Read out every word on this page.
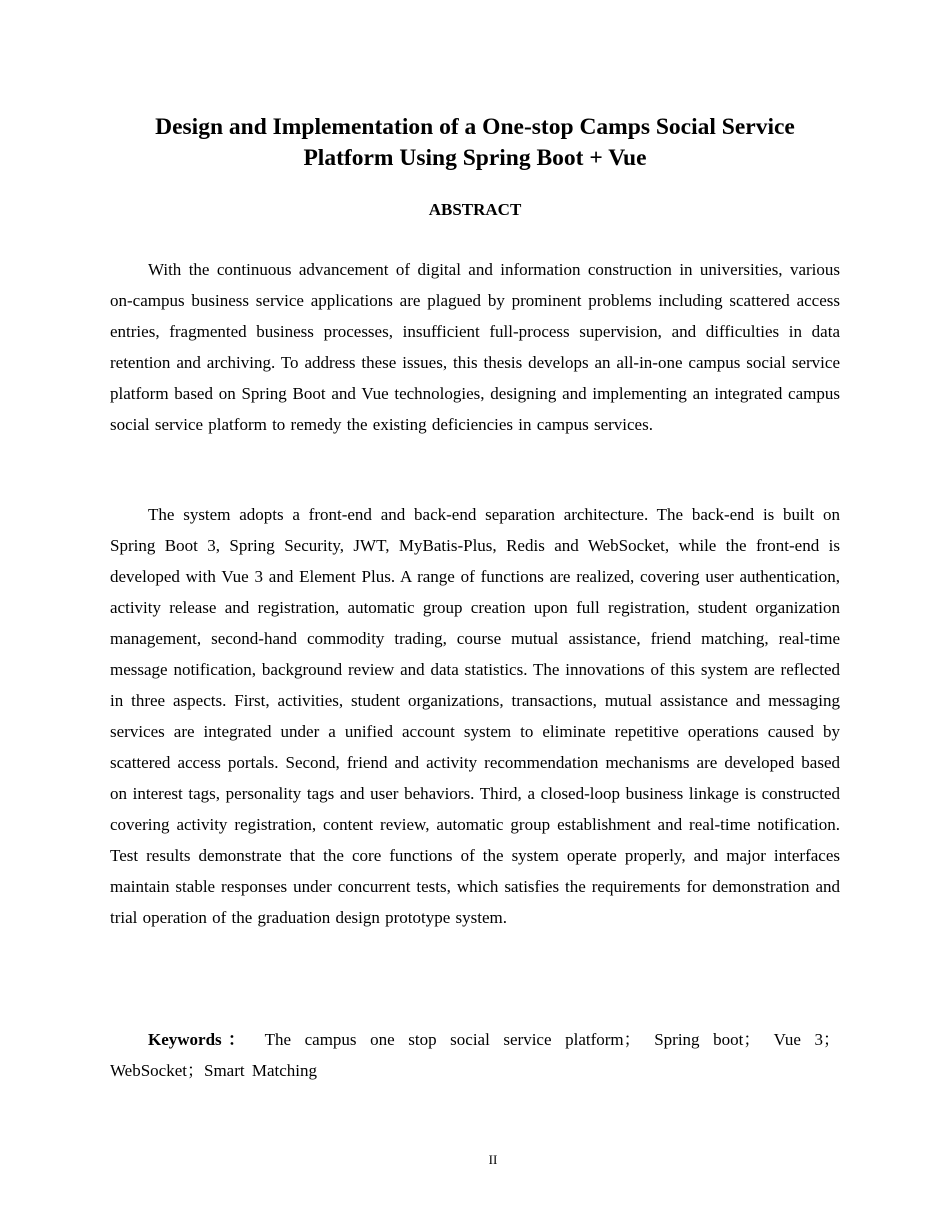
Design and Implementation of a One-stop Camps Social Service Platform Using Spring Boot + Vue
ABSTRACT

With the continuous advancement of digital and information construction in universities, various on-campus business service applications are plagued by prominent problems including scattered access entries, fragmented business processes, insufficient full-process supervision, and difficulties in data retention and archiving. To address these issues, this thesis develops an all-in-one campus social service platform based on Spring Boot and Vue technologies, designing and implementing an integrated campus social service platform to remedy the existing deficiencies in campus services.

The system adopts a front-end and back-end separation architecture. The back-end is built on Spring Boot 3, Spring Security, JWT, MyBatis-Plus, Redis and WebSocket, while the front-end is developed with Vue 3 and Element Plus. A range of functions are realized, covering user authentication, activity release and registration, automatic group creation upon full registration, student organization management, second-hand commodity trading, course mutual assistance, friend matching, real-time message notification, background review and data statistics. The innovations of this system are reflected in three aspects. First, activities, student organizations, transactions, mutual assistance and messaging services are integrated under a unified account system to eliminate repetitive operations caused by scattered access portals. Second, friend and activity recommendation mechanisms are developed based on interest tags, personality tags and user behaviors. Third, a closed-loop business linkage is constructed covering activity registration, content review, automatic group establishment and real-time notification. Test results demonstrate that the core functions of the system operate properly, and major interfaces maintain stable responses under concurrent tests, which satisfies the requirements for demonstration and trial operation of the graduation design prototype system.

Keywords： The campus one stop social service platform； Spring boot； Vue 3；WebSocket；Smart Matching

II
